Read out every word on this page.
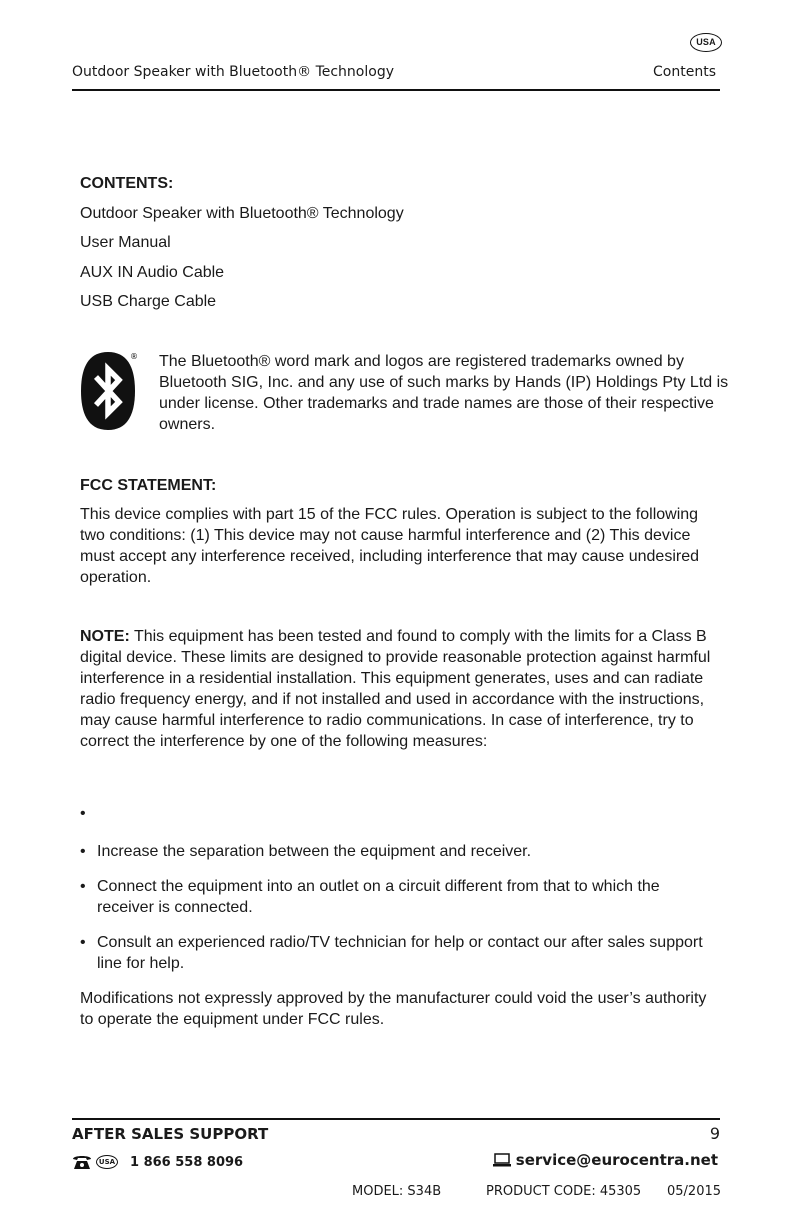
USA
Outdoor Speaker with Bluetooth® Technology	Contents
CONTENTS:
Outdoor Speaker with Bluetooth® Technology
User Manual
AUX IN Audio Cable
USB Charge Cable
® The Bluetooth® word mark and logos are registered trademarks owned by Bluetooth SIG, Inc. and any use of such marks by Hands (IP) Holdings Pty Ltd is under license. Other trademarks and trade names are those of their respective owners.
FCC STATEMENT:
This device complies with part 15 of the FCC rules. Operation is subject to the following two conditions: (1) This device may not cause harmful interference and (2) This device must accept any interference received, including interference that may cause undesired operation.
NOTE: This equipment has been tested and found to comply with the limits for a Class B digital device. These limits are designed to provide reasonable protection against harmful interference in a residential installation. This equipment generates, uses and can radiate radio frequency energy, and if not installed and used in accordance with the instructions, may cause harmful interference to radio communications. In case of interference, try to correct the interference by one of the following measures:
•
• Increase the separation between the equipment and receiver.
• Connect the equipment into an outlet on a circuit different from that to which the receiver is connected.
• Consult an experienced radio/TV technician for help or contact our after sales support line for help.
Modifications not expressly approved by the manufacturer could void the user’s authority to operate the equipment under FCC rules.
AFTER SALES SUPPORT	9
USA 1 866 558 8096	service@eurocentra.net
MODEL: S34B	PRODUCT CODE: 45305 05/2015
